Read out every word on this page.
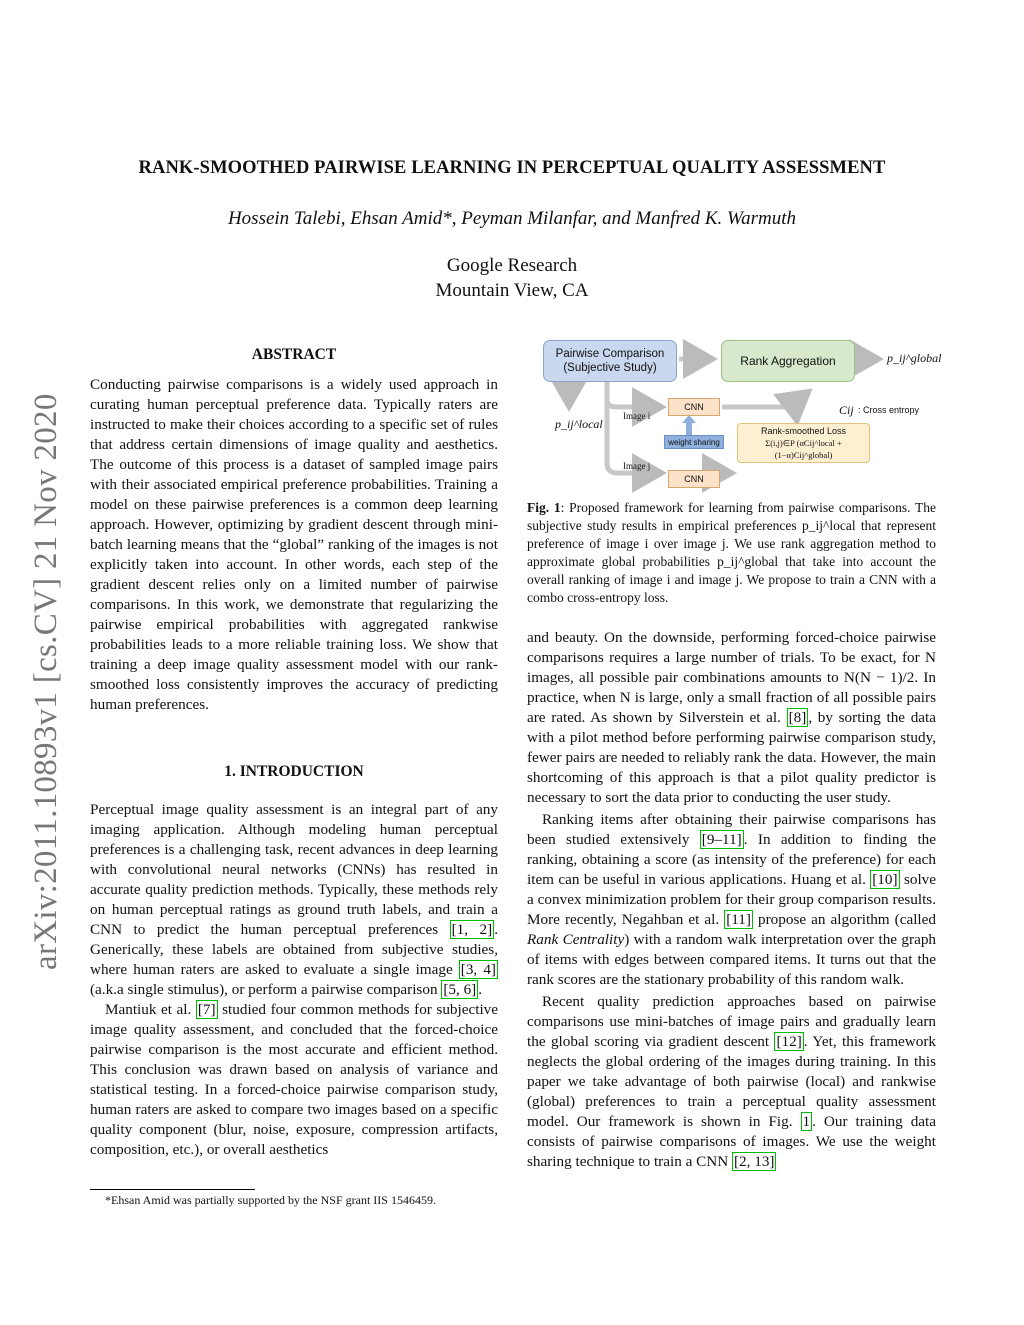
arXiv:2011.10893v1 [cs.CV] 21 Nov 2020
RANK-SMOOTHED PAIRWISE LEARNING IN PERCEPTUAL QUALITY ASSESSMENT
Hossein Talebi, Ehsan Amid*, Peyman Milanfar, and Manfred K. Warmuth
Google Research
Mountain View, CA
ABSTRACT

Conducting pairwise comparisons is a widely used approach in curating human perceptual preference data. Typically raters are instructed to make their choices according to a specific set of rules that address certain dimensions of image quality and aesthetics. The outcome of this process is a dataset of sampled image pairs with their associated empirical preference probabilities. Training a model on these pairwise preferences is a common deep learning approach. However, optimizing by gradient descent through mini-batch learning means that the “global” ranking of the images is not explicitly taken into account. In other words, each step of the gradient descent relies only on a limited number of pairwise comparisons. In this work, we demonstrate that regularizing the pairwise empirical probabilities with aggregated rankwise probabilities leads to a more reliable training loss. We show that training a deep image quality assessment model with our rank-smoothed loss consistently improves the accuracy of predicting human preferences.

1. INTRODUCTION

Perceptual image quality assessment is an integral part of any imaging application. Although modeling human perceptual preferences is a challenging task, recent advances in deep learning with convolutional neural networks (CNNs) has resulted in accurate quality prediction methods. Typically, these methods rely on human perceptual ratings as ground truth labels, and train a CNN to predict the human perceptual preferences [1, 2] . Generically, these labels are obtained from subjective studies, where human raters are asked to evaluate a single image [3, 4] (a.k.a single stimulus), or perform a pairwise comparison [5, 6] .

Mantiuk et al. [7] studied four common methods for subjective image quality assessment, and concluded that the forced-choice pairwise comparison is the most accurate and efficient method. This conclusion was drawn based on analysis of variance and statistical testing. In a forced-choice pairwise comparison study, human raters are asked to compare two images based on a specific quality component (blur, noise, exposure, compression artifacts, composition, etc.), or overall aesthetics

*Ehsan Amid was partially supported by the NSF grant IIS 1546459.
Pairwise Comparison
(Subjective Study)	Rank Aggregation	p_ij^global
p_ij^local
Image i
Image j
CNN
CNN
weight sharing
Cij : Cross entropy
Rank-smoothed Loss
Σ(i,j)∈P (αCij^local + (1−α)Cij^global)
Fig. 1: Proposed framework for learning from pairwise comparisons. The subjective study results in empirical preferences p_ij^local that represent preference of image i over image j. We use rank aggregation method to approximate global probabilities p_ij^global that take into account the overall ranking of image i and image j. We propose to train a CNN with a combo cross-entropy loss.

and beauty. On the downside, performing forced-choice pairwise comparisons requires a large number of trials. To be exact, for N images, all possible pair combinations amounts to N(N − 1)/2. In practice, when N is large, only a small fraction of all possible pairs are rated. As shown by Silverstein et al. [8] , by sorting the data with a pilot method before performing pairwise comparison study, fewer pairs are needed to reliably rank the data. However, the main shortcoming of this approach is that a pilot quality predictor is necessary to sort the data prior to conducting the user study.

Ranking items after obtaining their pairwise comparisons has been studied extensively [9–11] . In addition to finding the ranking, obtaining a score (as intensity of the preference) for each item can be useful in various applications. Huang et al. [10] solve a convex minimization problem for their group comparison results. More recently, Negahban et al. [11] propose an algorithm (called Rank Centrality) with a random walk interpretation over the graph of items with edges between compared items. It turns out that the rank scores are the stationary probability of this random walk.

Recent quality prediction approaches based on pairwise comparisons use mini-batches of image pairs and gradually learn the global scoring via gradient descent [12] . Yet, this framework neglects the global ordering of the images during training. In this paper we take advantage of both pairwise (local) and rankwise (global) preferences to train a perceptual quality assessment model. Our framework is shown in Fig. 1 . Our training data consists of pairwise comparisons of images. We use the weight sharing technique to train a CNN [2, 13]
